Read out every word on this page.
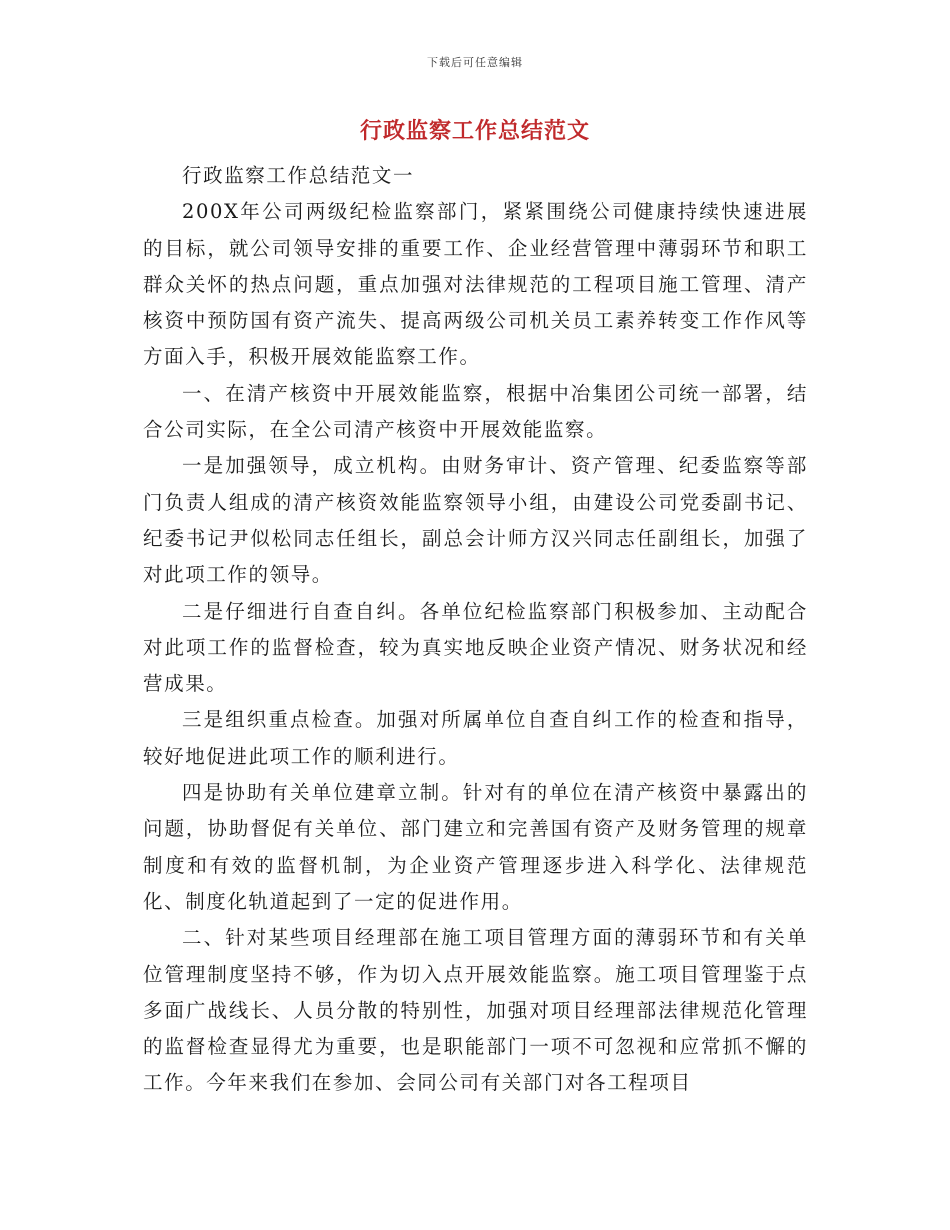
下载后可任意编辑
行政监察工作总结范文

行政监察工作总结范文一

200X年公司两级纪检监察部门，紧紧围绕公司健康持续快速进展的目标，就公司领导安排的重要工作、企业经营管理中薄弱环节和职工群众关怀的热点问题，重点加强对法律规范的工程项目施工管理、清产核资中预防国有资产流失、提高两级公司机关员工素养转变工作作风等方面入手，积极开展效能监察工作。

一、在清产核资中开展效能监察，根据中冶集团公司统一部署，结合公司实际，在全公司清产核资中开展效能监察。

一是加强领导，成立机构。由财务审计、资产管理、纪委监察等部门负责人组成的清产核资效能监察领导小组，由建设公司党委副书记、纪委书记尹似松同志任组长，副总会计师方汉兴同志任副组长，加强了对此项工作的领导。

二是仔细进行自查自纠。各单位纪检监察部门积极参加、主动配合对此项工作的监督检查，较为真实地反映企业资产情况、财务状况和经营成果。

三是组织重点检查。加强对所属单位自查自纠工作的检查和指导，较好地促进此项工作的顺利进行。

四是协助有关单位建章立制。针对有的单位在清产核资中暴露出的问题，协助督促有关单位、部门建立和完善国有资产及财务管理的规章制度和有效的监督机制，为企业资产管理逐步进入科学化、法律规范化、制度化轨道起到了一定的促进作用。

二、针对某些项目经理部在施工项目管理方面的薄弱环节和有关单位管理制度坚持不够，作为切入点开展效能监察。施工项目管理鉴于点多面广战线长、人员分散的特别性，加强对项目经理部法律规范化管理的监督检查显得尤为重要，也是职能部门一项不可忽视和应常抓不懈的工作。今年来我们在参加、会同公司有关部门对各工程项目
